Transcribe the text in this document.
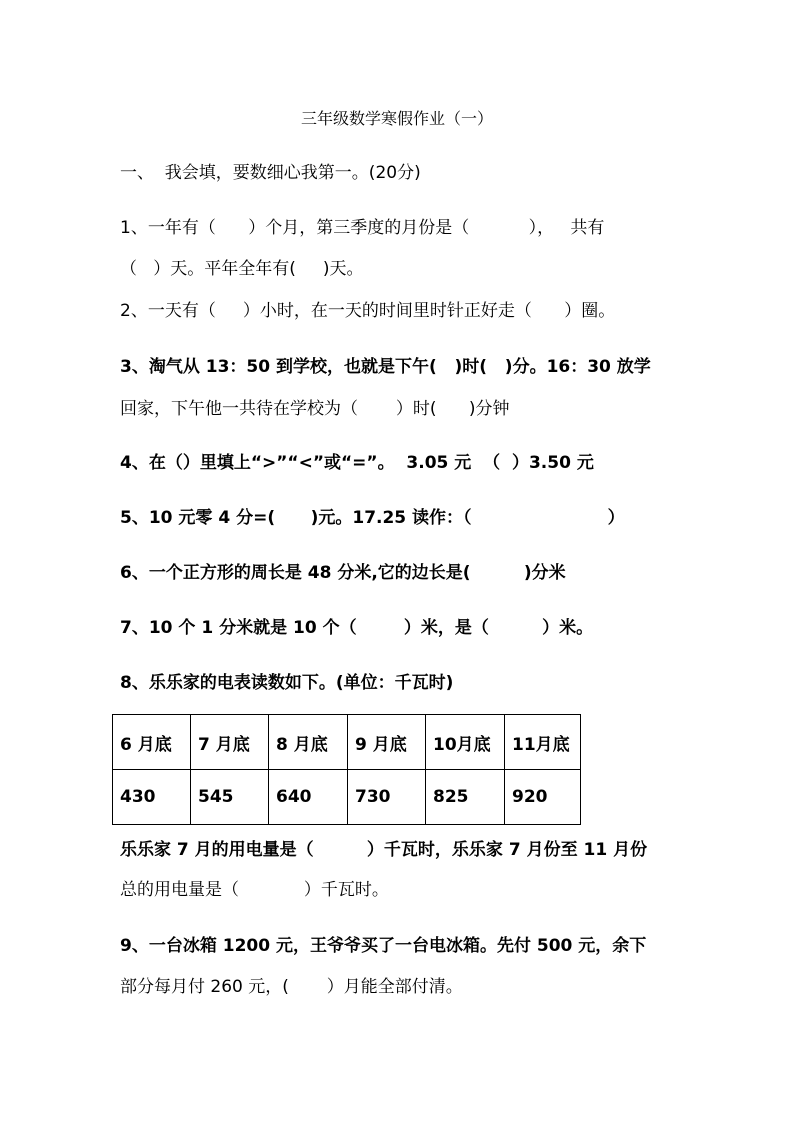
三年级数学寒假作业（一）
一、  我会填，要数细心我第一。(20分)
1、一年有（      ）个月，第三季度的月份是（           ），   共有
（   ）天。平年全年有(     )天。
2、一天有（     ）小时，在一天的时间里时针正好走（      ）圈。
3、淘气从 13：50 到学校，也就是下午(   )时(   )分。16：30 放学
回家，下午他一共待在学校为（       ）时(      )分钟
4、在（）里填上“>”“<”或“=”。  3.05 元  （  ）3.50 元
5、10 元零 4 分=(      )元。17.25 读作：（                       ）
6、一个正方形的周长是 48 分米,它的边长是(         )分米
7、10 个 1 分米就是 10 个（        ）米，是（         ）米。
8、乐乐家的电表读数如下。(单位：千瓦时)
6 月底	7 月底	8 月底	9 月底	10月底	11月底
430	545	640	730	825	920
乐乐家 7 月的用电量是（         ）千瓦时，乐乐家 7 月份至 11 月份
总的用电量是（            ）千瓦时。
9、一台冰箱 1200 元，王爷爷买了一台电冰箱。先付 500 元，余下
部分每月付 260 元，(       ）月能全部付清。
